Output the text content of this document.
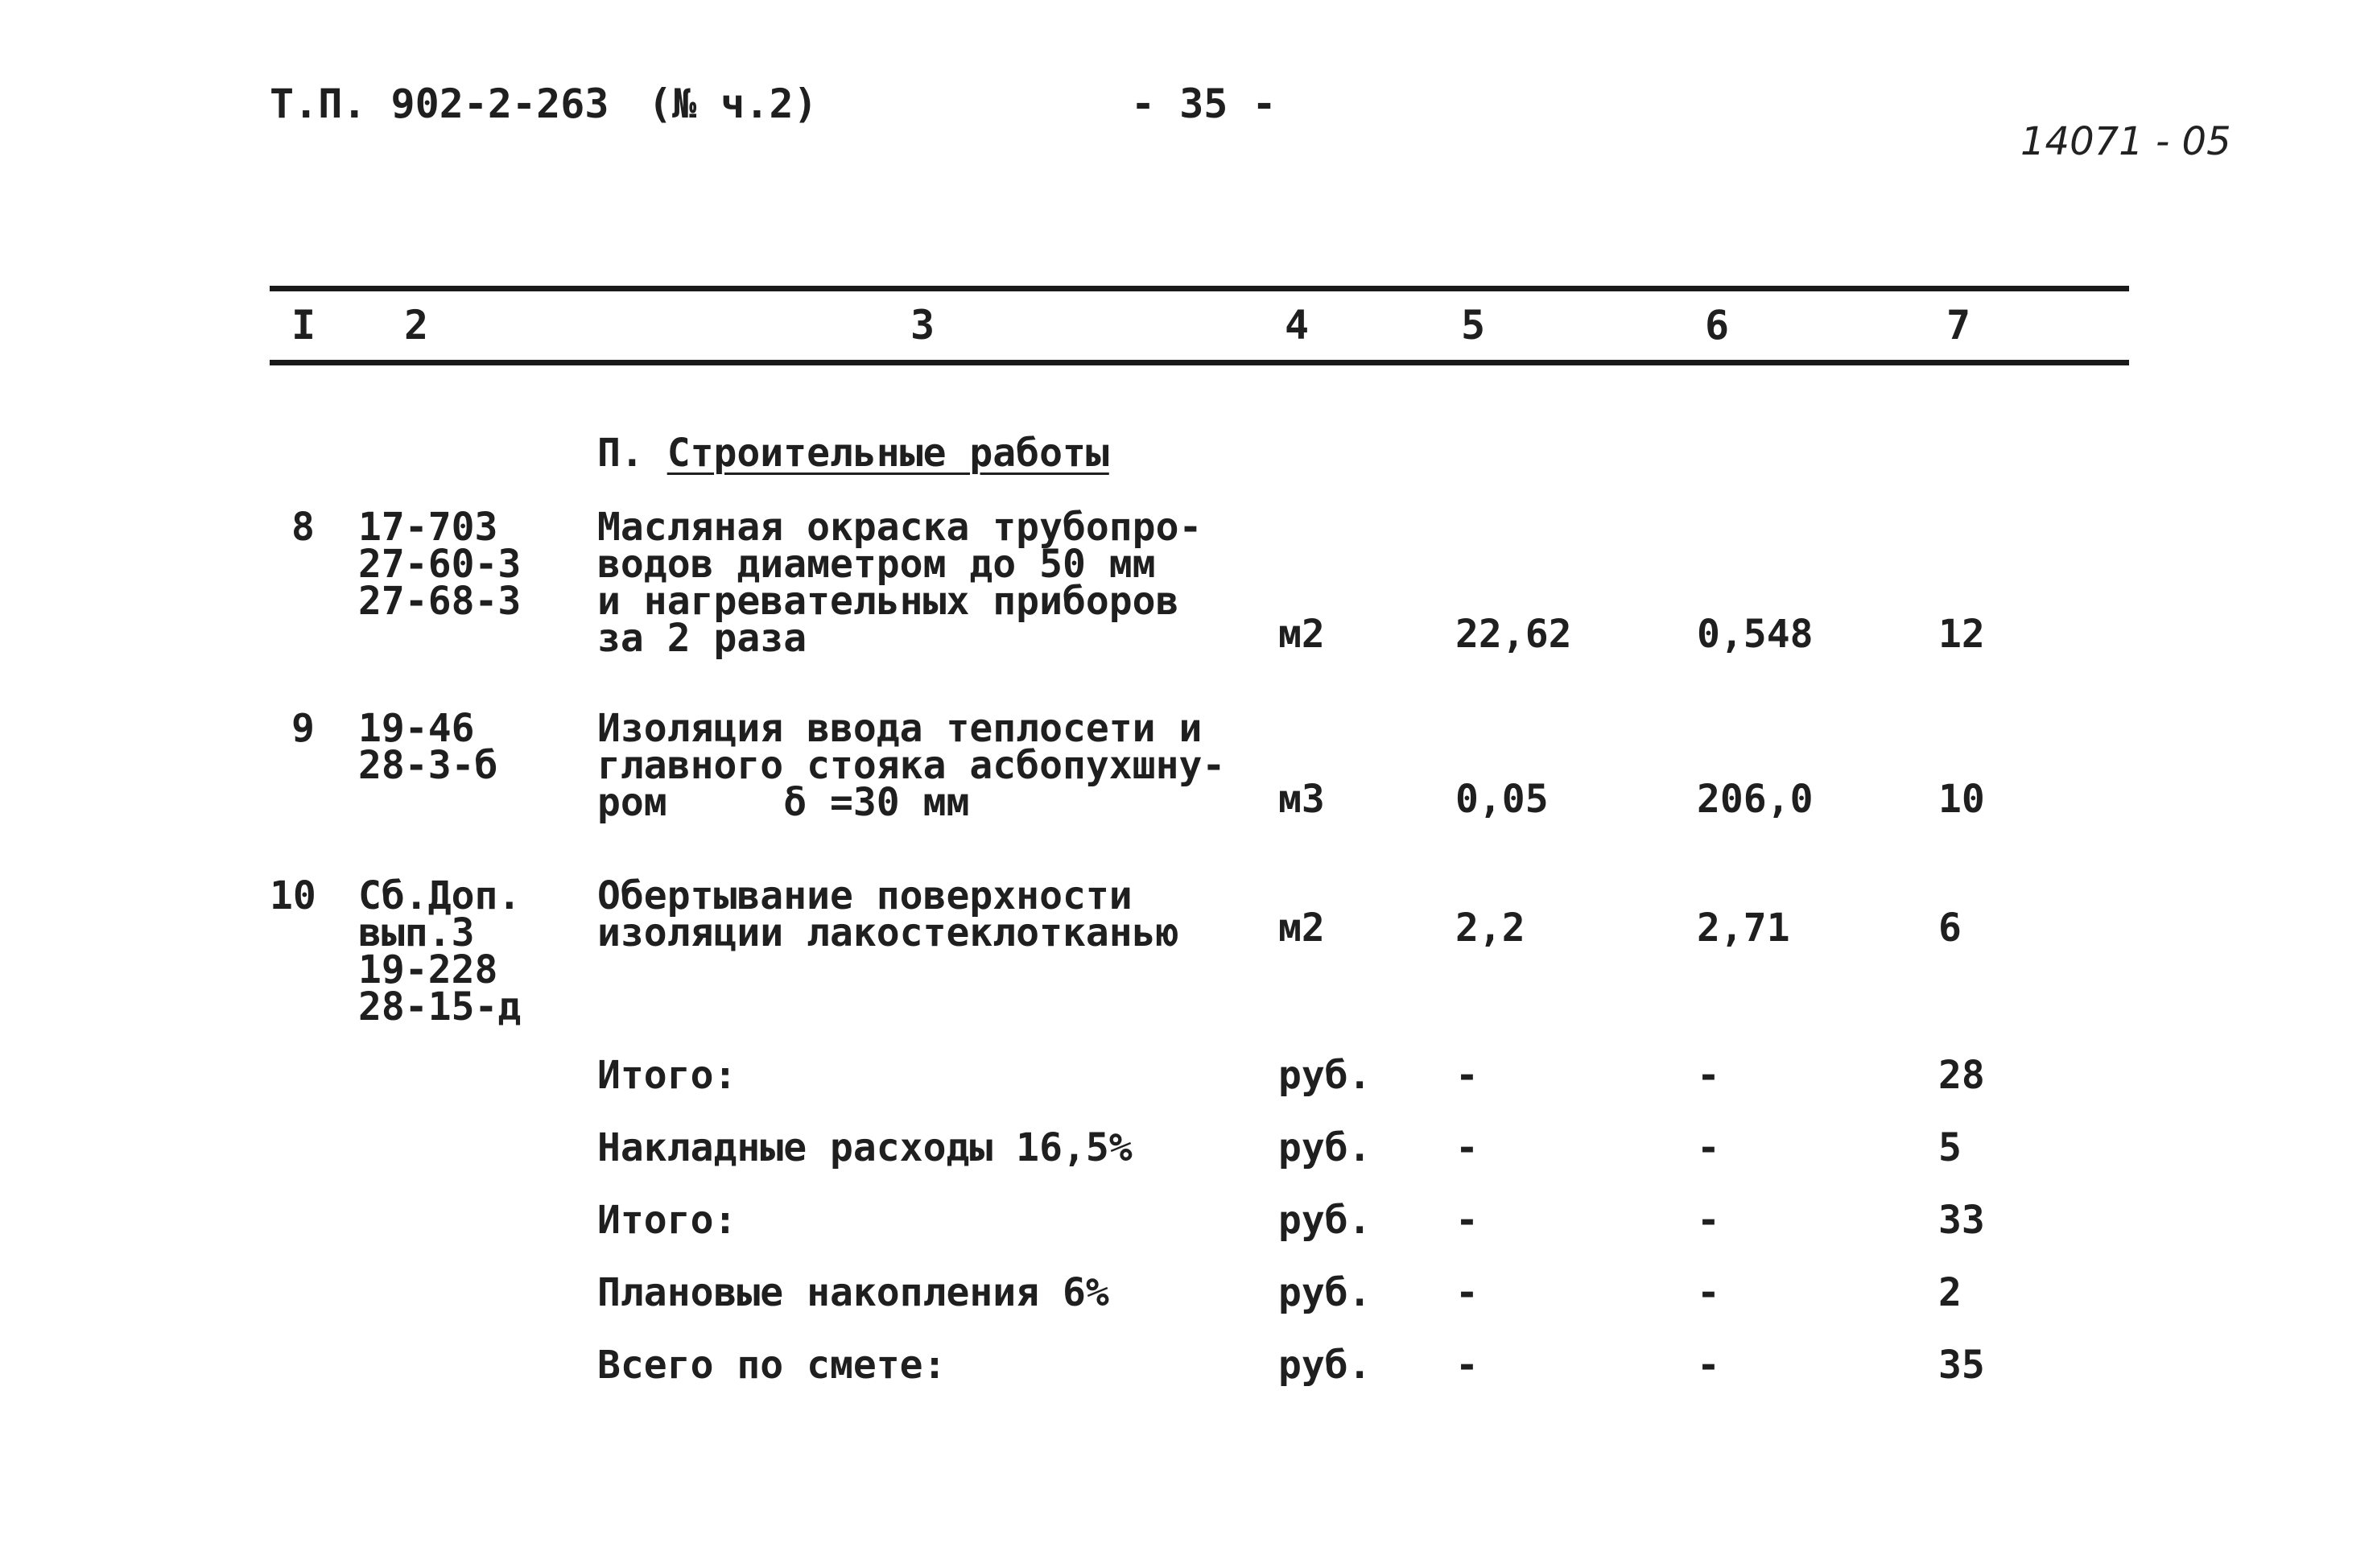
Т.П. 902-2-263 (№ ч.2)	- 35 -
14071 - 05
I 2	3	4	5	6	7
П. Строительные работы
8 17-703
27-60-3
27-68-3
Масляная окраска трубопро-
водов диаметром до 50 мм
и нагревательных приборов
за 2 раза	м2	22,62	0,548	12
9 19-46
28-3-б
Изоляция ввода теплосети и
главного стояка асбопухшну-
ром     δ =30 мм	м3	0,05	206,0	10
10 Сб.Доп.
вып.3
19-228
28-15-д
Обертывание поверхности
изоляции лакостеклотканью	м2	2,2	2,71	6
Итого:	руб. -	-	28
Накладные расходы 16,5%	руб. -	-	5
Итого:	руб. -	-	33
Плановые накопления 6%	руб. -	-	2
Всего по смете:	руб. -	-	35
